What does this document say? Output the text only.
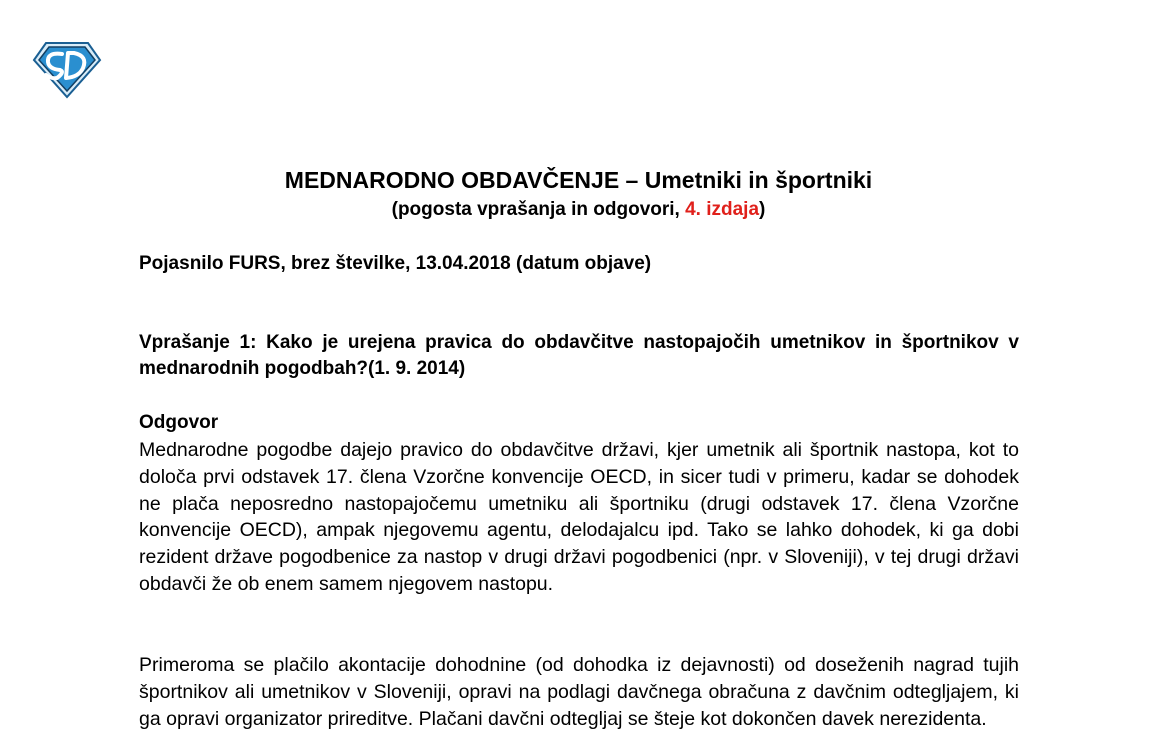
MEDNARODNO OBDAVČENJE – Umetniki in športniki
(pogosta vprašanja in odgovori, 4. izdaja)
Pojasnilo FURS, brez številke, 13.04.2018 (datum objave)
Vprašanje 1: Kako je urejena pravica do obdavčitve nastopajočih umetnikov in športnikov v mednarodnih pogodbah?(1. 9. 2014)
Odgovor
Mednarodne pogodbe dajejo pravico do obdavčitve državi, kjer umetnik ali športnik nastopa, kot to določa prvi odstavek 17. člena Vzorčne konvencije OECD, in sicer tudi v primeru, kadar se dohodek ne plača neposredno nastopajočemu umetniku ali športniku (drugi odstavek 17. člena Vzorčne konvencije OECD), ampak njegovemu agentu, delodajalcu ipd. Tako se lahko dohodek, ki ga dobi rezident države pogodbenice za nastop v drugi državi pogodbenici (npr. v Sloveniji), v tej drugi državi obdavči že ob enem samem njegovem nastopu.
Primeroma se plačilo akontacije dohodnine (od dohodka iz dejavnosti) od doseženih nagrad tujih športnikov ali umetnikov v Sloveniji, opravi na podlagi davčnega obračuna z davčnim odtegljajem, ki ga opravi organizator prireditve. Plačani davčni odtegljaj se šteje kot dokončen davek nerezidenta.
